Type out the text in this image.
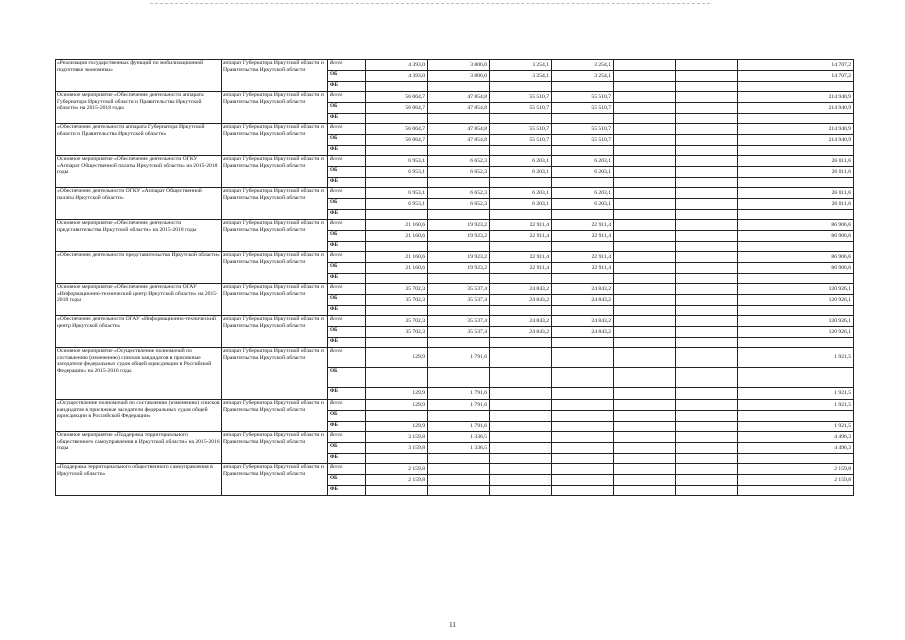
«Реализация государственных функций по мобилизационной подготовке экономики»	аппарат Губернатора Иркутской области и Правительства Иркутской области	Всего	4 393,0	3 806,0	3 254,1	3 254,1			14 707,2
		ОБ	4 393,0	3 806,0	3 254,1	3 254,1			14 707,2
		ФБ							
Основное мероприятие «Обеспечение деятельности аппарата Губернатора Иркутской области и Правительства Иркутской области» на 2015-2018 годы	аппарат Губернатора Иркутской области и Правительства Иркутской области	Всего	56 064,7	47 854,8	55 510,7	55 510,7			214 940,9
		ОБ	56 064,7	47 854,8	55 510,7	55 510,7			214 940,9
		ФБ							
«Обеспечение деятельности аппарата Губернатора Иркутской области и Правительства Иркутской области»	аппарат Губернатора Иркутской области и Правительства Иркутской области	Всего	56 064,7	47 854,8	55 510,7	55 510,7			214 940,9
		ОБ	56 064,7	47 854,8	55 510,7	55 510,7			214 940,9
		ФБ							
Основное мероприятие «Обеспечение деятельности ОГКУ «Аппарат Общественной палаты Иркутской области» на 2015-2018 годы	аппарат Губернатора Иркутской области и Правительства Иркутской области	Всего	6 953,1	6 652,3	6 203,1	6 203,1			26 011,6
		ОБ	6 953,1	6 652,3	6 203,1	6 203,1			26 011,6
		ФБ							
«Обеспечение деятельности ОГКУ «Аппарат Общественной палаты Иркутской области»	аппарат Губернатора Иркутской области и Правительства Иркутской области	Всего	6 953,1	6 652,3	6 203,1	6 203,1			26 011,6
		ОБ	6 953,1	6 652,3	6 203,1	6 203,1			26 011,6
		ФБ							
Основное мероприятие «Обеспечение деятельности представительства Иркутской области» на 2015-2018 годы	аппарат Губернатора Иркутской области и Правительства Иркутской области	Всего	21 160,6	19 923,2	22 911,4	22 911,4			86 906,6
		ОБ	21 160,6	19 923,2	22 911,4	22 911,4			86 906,6
		ФБ							
«Обеспечение деятельности представительства Иркутской области»	аппарат Губернатора Иркутской области и Правительства Иркутской области	Всего	21 160,6	19 923,2	22 911,4	22 911,4			86 906,6
		ОБ	21 160,6	19 923,2	22 911,4	22 911,4			86 906,6
		ФБ							
Основное мероприятие «Обеспечение деятельности ОГАУ «Информационно-технический центр Иркутской области» на 2015-2018 годы	аппарат Губернатора Иркутской области и Правительства Иркутской области	Всего	35 702,3	35 537,4	24 843,2	24 843,2			120 926,1
		ОБ	35 702,3	35 537,4	24 843,2	24 843,2			120 926,1
		ФБ							
«Обеспечение деятельности ОГАУ «Информационно-технический центр Иркутской области»	аппарат Губернатора Иркутской области и Правительства Иркутской области	Всего	35 702,3	35 537,4	24 843,2	24 843,2			120 926,1
		ОБ	35 702,3	35 537,4	24 843,2	24 843,2			120 926,1
		ФБ							
Основное мероприятие «Осуществление полномочий по составлению (изменению) списков кандидатов в присяжные заседатели федеральных судов общей юрисдикции в Российской Федерации» на 2015-2016 годы	аппарат Губернатора Иркутской области и Правительства Иркутской области	Всего	129,9	1 791,6					1 921,5
		ОБ							
		ФБ	129,9	1 791,6					1 921,5
«Осуществление полномочий по составлению (изменению) списков кандидатов в присяжные заседатели федеральных судов общей юрисдикции в Российской Федерации»	аппарат Губернатора Иркутской области и Правительства Иркутской области	Всего	129,9	1 791,6					1 921,5
		ОБ							
		ФБ	129,9	1 791,6					1 921,5
Основное мероприятие «Поддержка территориального общественного самоуправления в Иркутской области» на 2015-2016 годы	аппарат Губернатора Иркутской области и Правительства Иркутской области	Всего	3 159,8	1 336,5					4 496,3
		ОБ	3 159,8	1 336,5					4 496,3
		ФБ							
«Поддержка территориального общественного самоуправления в Иркутской области»	аппарат Губернатора Иркутской области и Правительства Иркутской области	Всего	2 159,8						2 159,8
		ОБ	2 159,8						2 159,8
		ФБ							
11
